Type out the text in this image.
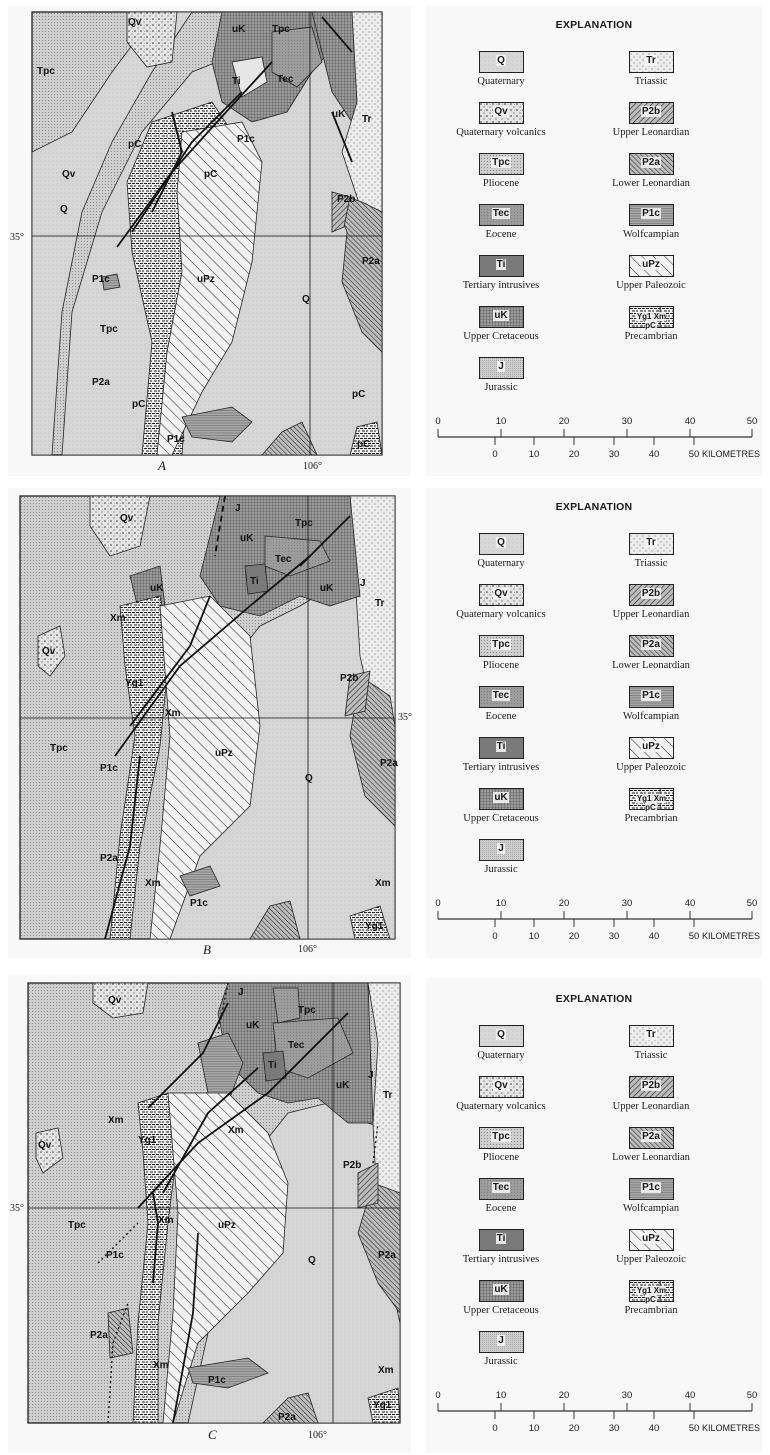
Qv
Tpc
Qv
Q
pC
uK	Tpc
Ti	Tec
uK
P1c
pC
P2b
Tr
uPz
Q
P2a
P1c
Tpc
P2a
pC
P1c
pC
pC
35°
A	106°
Qv
uK
Xm
Qv
Yg1
Xm
J
uK
Tpc
Tec
Ti
uK	J
Tr
P2b
Tpc
P1c
uPz
Q
P2a
P2a
Xm
P1c
Xm
Yg1
35°
B	106°
Qv
J
uK
Tpc
Tec
Ti
uK
J
Tr
Xm
Yg1
Xm
Qv
P2b
Tpc	Xm	uPz
P1c	Q	P2a
P2a
Xm	Xm
P1c
Yg1
P2a
35°
C	106°
EXPLANATION
Q
Quaternary
Qv
Quaternary volcanics
Tpc
Pliocene
Tec
Eocene
Ti
Tertiary intrusives
uK
Upper Cretaceous
J
Jurassic
Tr
Triassic
P2b
Upper Leonardian
P2a
Lower Leonardian
P1c
Wolfcampian
uPz
Upper Paleozoic
Yg1 Xm pC
Precambrian
0	10	20	30	40	50
0	10	20	30	40	50 KILOMETRES
EXPLANATION
Q
Quaternary
Qv
Quaternary volcanics
Tpc
Pliocene
Tec
Eocene
Ti
Tertiary intrusives
uK
Upper Cretaceous
J
Jurassic
Tr
Triassic
P2b
Upper Leonardian
P2a
Lower Leonardian
P1c
Wolfcampian
uPz
Upper Paleozoic
Yg1 Xm pC
Precambrian
0	10	20	30	40	50
0	10	20	30	40	50 KILOMETRES
EXPLANATION
Q
Quaternary
Qv
Quaternary volcanics
Tpc
Pliocene
Tec
Eocene
Ti
Tertiary intrusives
uK
Upper Cretaceous
J
Jurassic
Tr
Triassic
P2b
Upper Leonardian
P2a
Lower Leonardian
P1c
Wolfcampian
uPz
Upper Paleozoic
Yg1 Xm pC
Precambrian
0	10	20	30	40	50
0	10	20	30	40	50 KILOMETRES
